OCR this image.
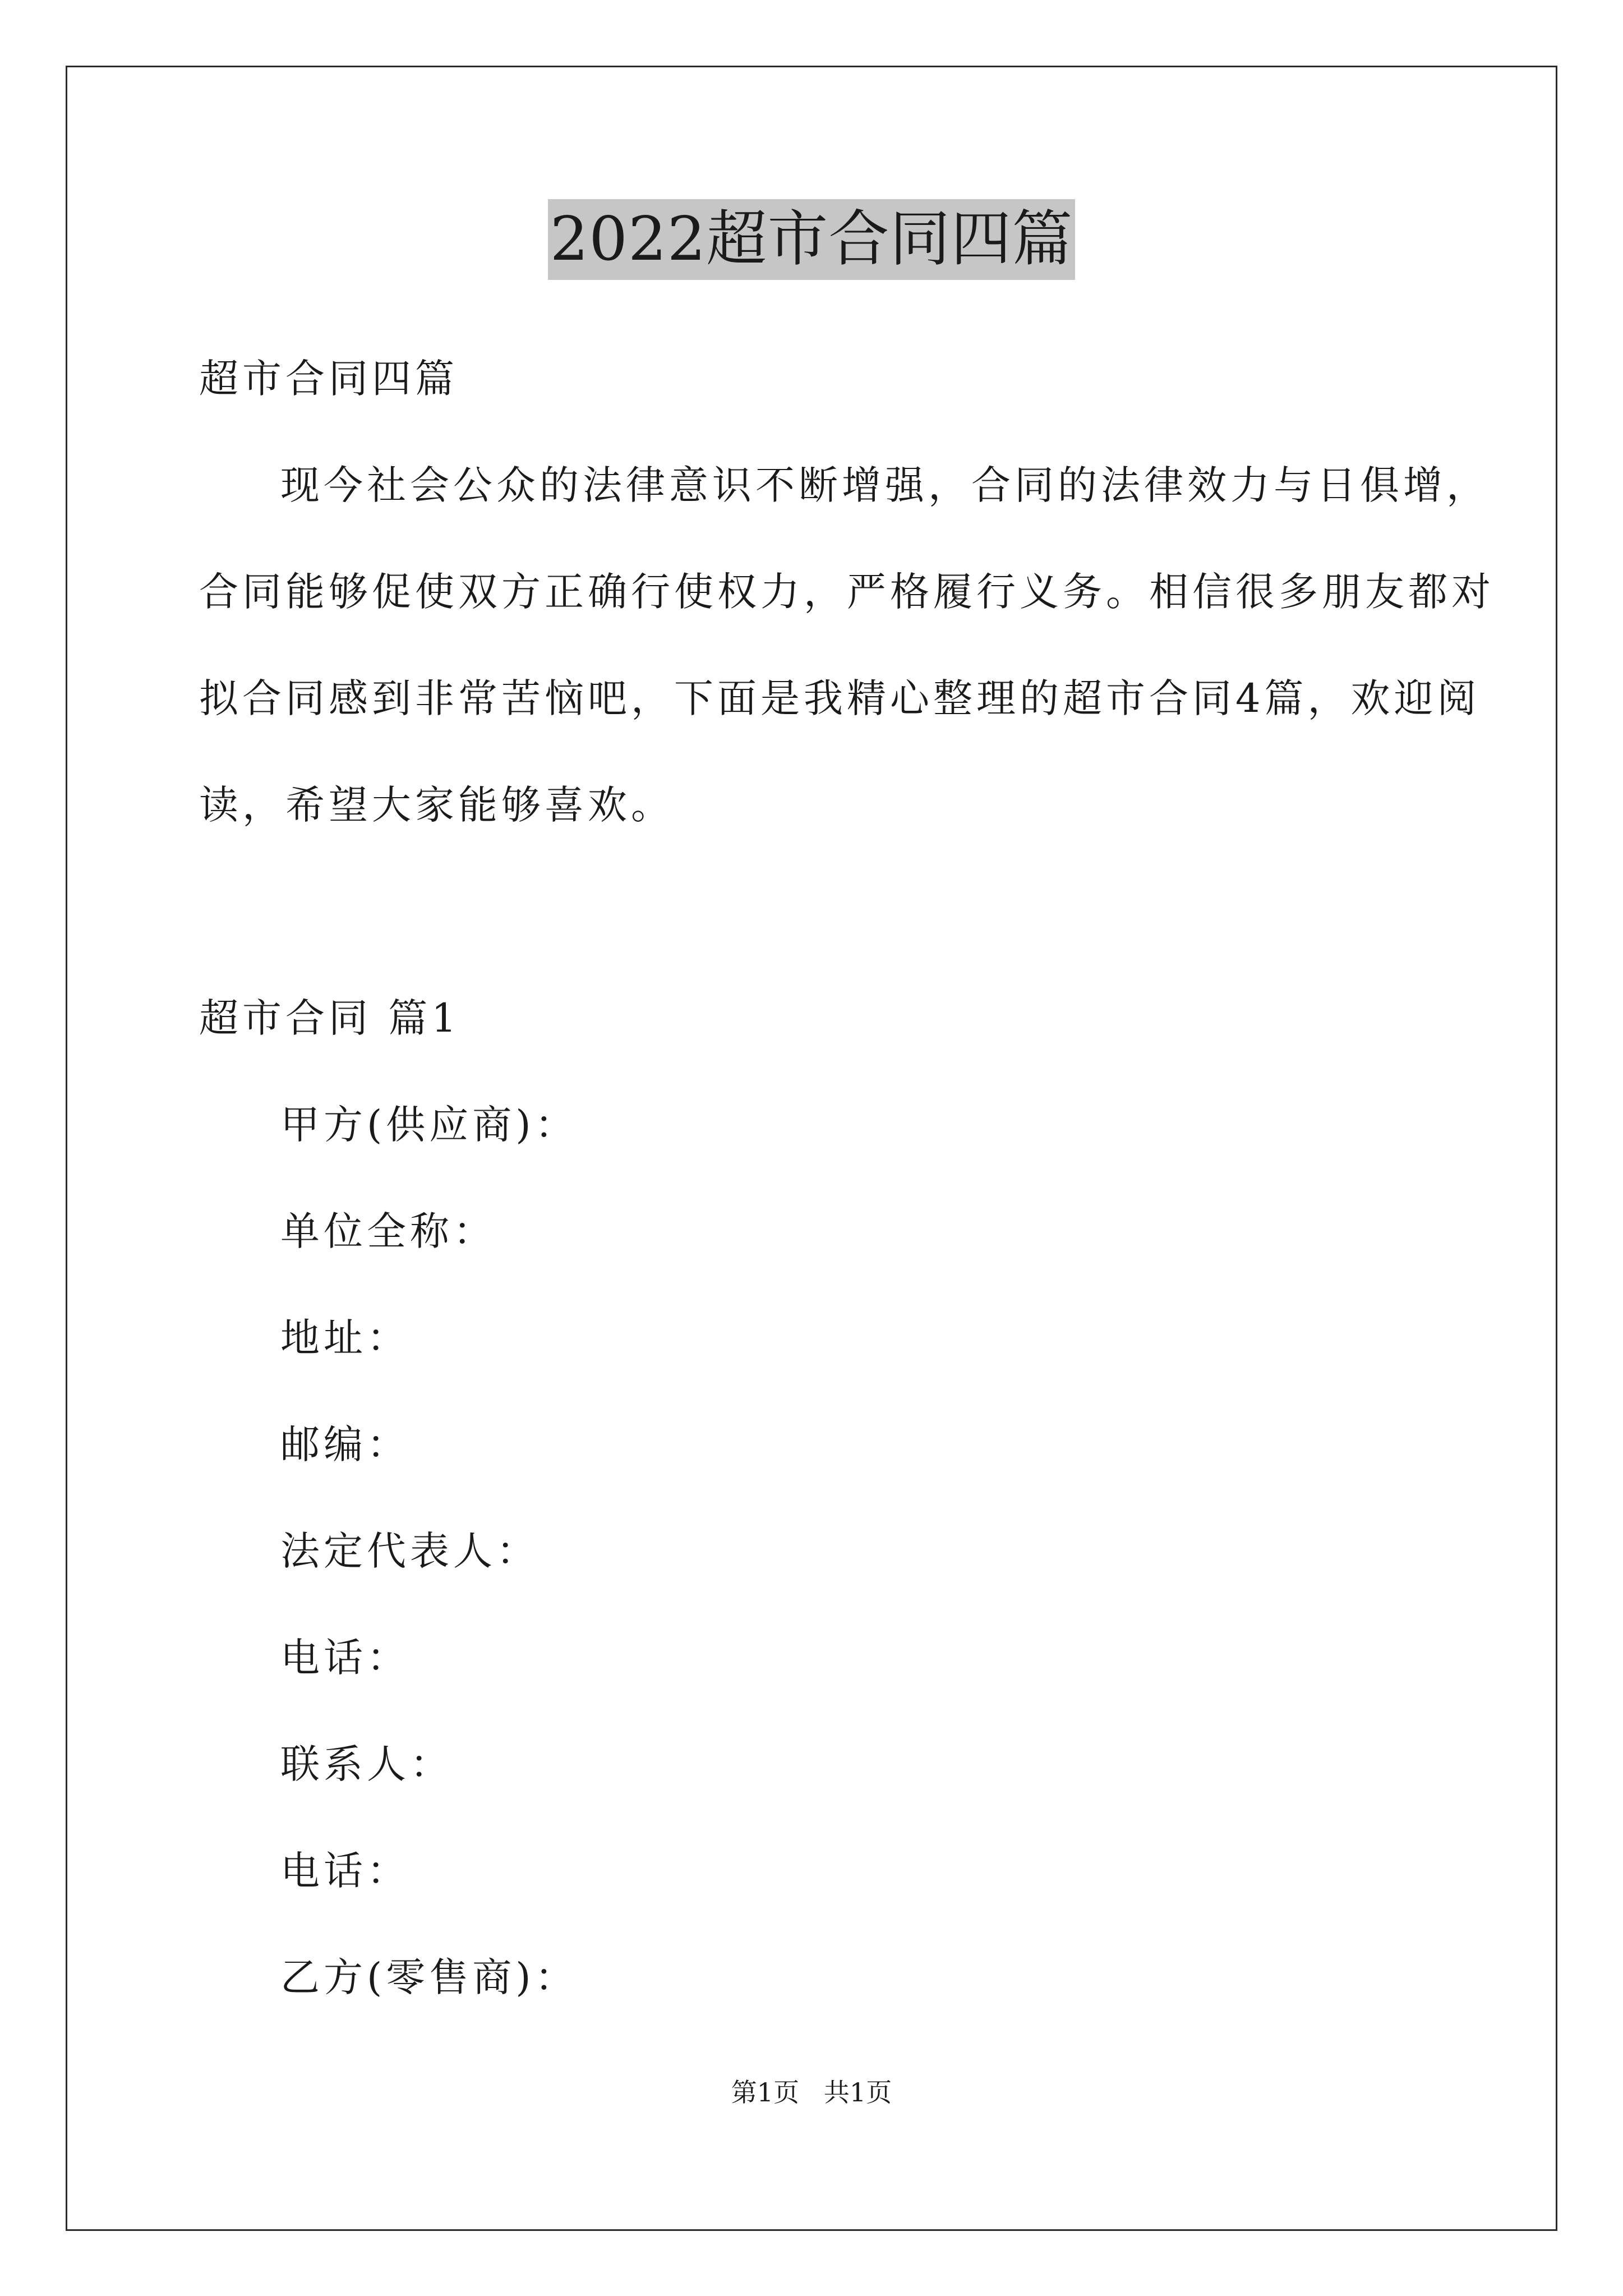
2022超市合同四篇
超市合同四篇
现今社会公众的法律意识不断增强，合同的法律效力与日俱增，
合同能够促使双方正确行使权力，严格履行义务。相信很多朋友都对
拟合同感到非常苦恼吧，下面是我精心整理的超市合同4篇，欢迎阅
读，希望大家能够喜欢。
超市合同 篇1
甲方(供应商)：
单位全称：
地址：
邮编：
法定代表人：
电话：
联系人：
电话：
乙方(零售商)：
第1页   共1页
